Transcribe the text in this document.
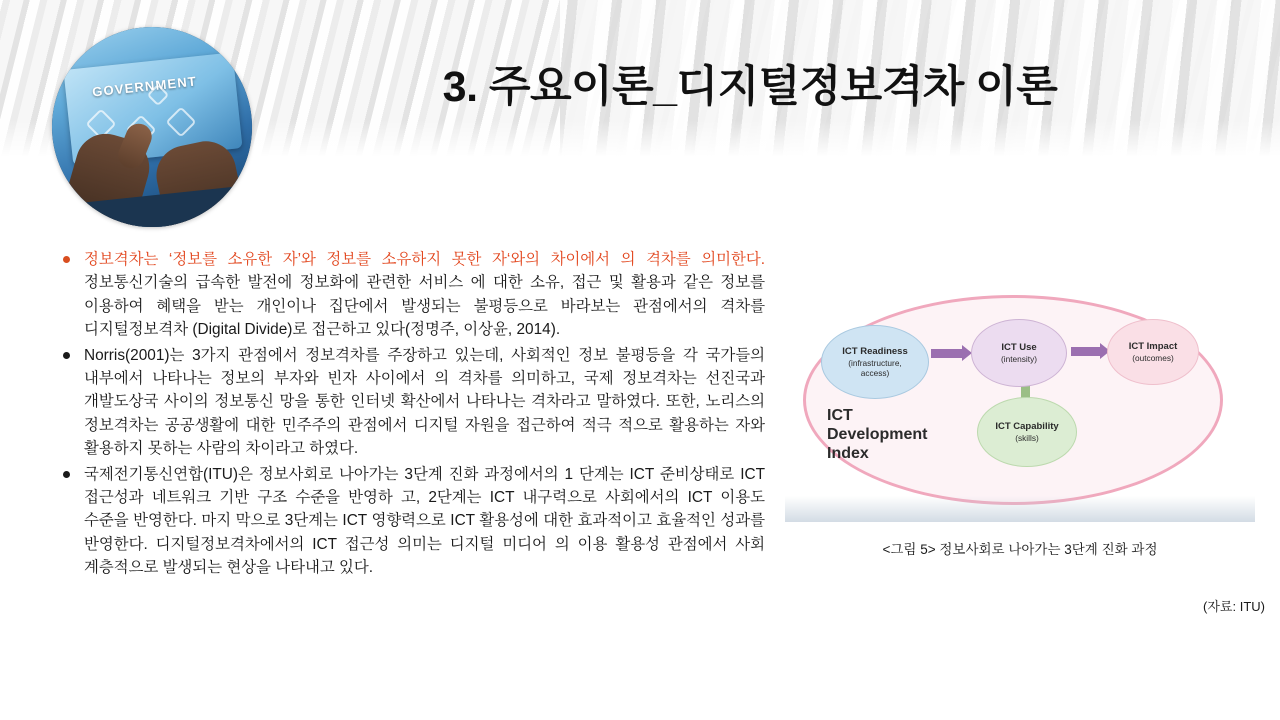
GOVERNMENT	3. 주요이론_디지털정보격차 이론
정보격차는 ‘정보를 소유한 자’와 정보를 소유하지 못한 자‘와의 차이에서 의 격차를 의미한다. 정보통신기술의 급속한 발전에 정보화에 관련한 서비스 에 대한 소유, 접근 및 활용과 같은 정보를 이용하여 혜택을 받는 개인이나 집단에서 발생되는 불평등으로 바라보는 관점에서의 격차를 디지털정보격차 (Digital Divide)로 접근하고 있다(정명주, 이상윤, 2014).
Norris(2001)는 3가지 관점에서 정보격차를 주장하고 있는데, 사회적인 정보 불평등을 각 국가들의 내부에서 나타나는 정보의 부자와 빈자 사이에서 의 격차를 의미하고, 국제 정보격차는 선진국과 개발도상국 사이의 정보통신 망을 통한 인터넷 확산에서 나타나는 격차라고 말하였다. 또한, 노리스의 정보격차는 공공생활에 대한 민주주의 관점에서 디지털 자원을 접근하여 적극 적으로 활용하는 자와 활용하지 못하는 사람의 차이라고 하였다.
국제전기통신연합(ITU)은 정보사회로 나아가는 3단계 진화 과정에서의 1 단계는 ICT 준비상태로 ICT 접근성과 네트워크 기반 구조 수준을 반영하 고, 2단계는 ICT 내구력으로 사회에서의 ICT 이용도 수준을 반영한다. 마지 막으로 3단계는 ICT 영향력으로 ICT 활용성에 대한 효과적이고 효율적인 성과를 반영한다. 디지털정보격차에서의 ICT 접근성 의미는 디지털 미디어 의 이용 활용성 관점에서 사회 계층적으로 발생되는 현상을 나타내고 있다.
ICT Readiness
(infrastructure,
access)
ICT Use
(intensity)
ICT Impact
(outcomes)
ICT Capability
(skills)
ICT
Development
Index
<그림 5> 정보사회로 나아가는 3단계 진화 과정
(자료: ITU)
